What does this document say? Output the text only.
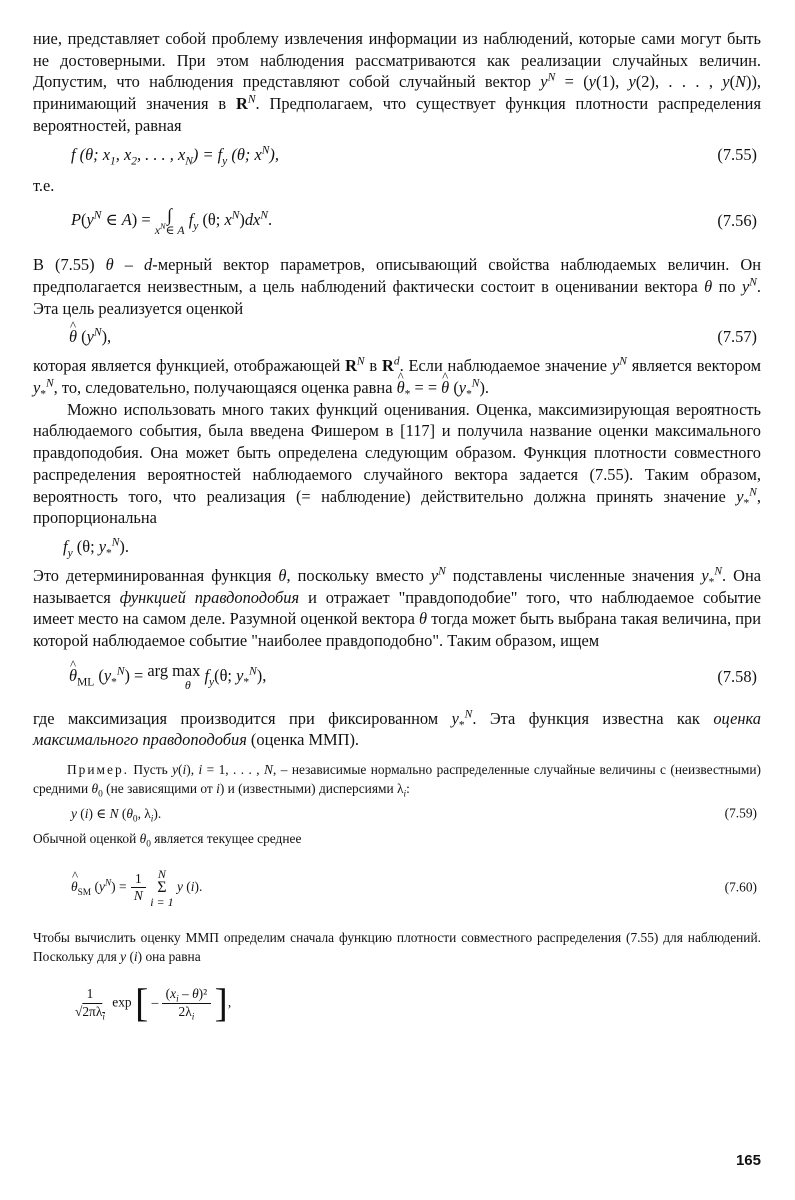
ние, представляет собой проблему извлечения информации из наблюдений, которые сами могут быть не достоверными. При этом наблюдения рассматриваются как реализации случайных величин. Допустим, что наблюдения представляют собой случайный вектор $y^N = (y(1)$, y(2), . . . , y(N)), принимающий значения в $R^N$. Предполагаем, что существует функция плотности распределения вероятностей, равная

f (θ; $x_1$, $x_2$, . . . , $x_N) = f_y$ (θ; $x^N$),	(7.55)

т.е.

$P(y^N$ ∈ A) = ∫
$x^N\in$ A
$f_y$ (θ; $x^N)dx^N$.	(7.56)

В (7.55) θ – d-мерный вектор параметров, описывающий свойства наблюдаемых величин. Он предполагается неизвестным, а цель наблюдений фактически состоит в оценивании вектора θ по $y^N$. Эта цель реализуется оценкой

^ θ $(y^N)$,	(7.57)

которая является функцией, отображающей $R^N$ в $R^d$. Если наблюдаемое значение $y^N$ является вектором $y_*^N$, то, следовательно, получающаяся оценка равна ^ $\theta_*$ = = ^ θ $(y_*^N)$.

Можно использовать много таких функций оценивания. Оценка, максимизирующая вероятность наблюдаемого события, была введена Фишером в [117] и получила название оценки максимального правдоподобия. Она может быть определена следующим образом. Функция плотности совместного распределения вероятностей наблюдаемого случайного вектора задается (7.55). Таким образом, вероятность того, что реализация (= наблюдение) действительно должна принять значение $y_*^N$, пропорциональна

$f_y$ (θ; $y_*^N$).

Это детерминированная функция θ, поскольку вместо $y^N$ подставлены численные значения $y_*^N$. Она называется функцией правдоподобия и отражает "правдоподобие" того, что наблюдаемое событие имеет место на самом деле. Разумной оценкой вектора θ тогда может быть выбрана такая величина, при которой наблюдаемое событие "наиболее правдоподобно". Таким образом, ищем

^ $\theta_{ML}$ $(y_*^N)$ = arg max
θ
$f_y(\theta$; $y_*^N$),	(7.58)

где максимизация производится при фиксированном $y_*^N$. Эта функция известна как оценка максимального правдоподобия (оценка ММП).

Пример. Пусть y(i), i = 1, . . . , N, – независимые нормально распределенные случайные величины с (неизвестными) средними $\theta_0$ (не зависящими от i) и (известными) дисперсиями $\lambda_i$:

y (i) ∈ N ($\theta_0$, $\lambda_i$).	(7.59)

Обычной оценкой $\theta_0$ является текущее среднее

^ $\theta_{SM}$ $(y^N) = \frac{1}{N}$
N
Σ
i = 1
y (i).	(7.60)

Чтобы вычислить оценку ММП определим сначала функцию плотности совместного распределения (7.55) для наблюдений. Поскольку для y (i) она равна

$\frac{1}{√2\pi\lambda_i}$ exp [ – $\frac{(x_i - \theta)^2}{2\lambda_i}$ ],
165
